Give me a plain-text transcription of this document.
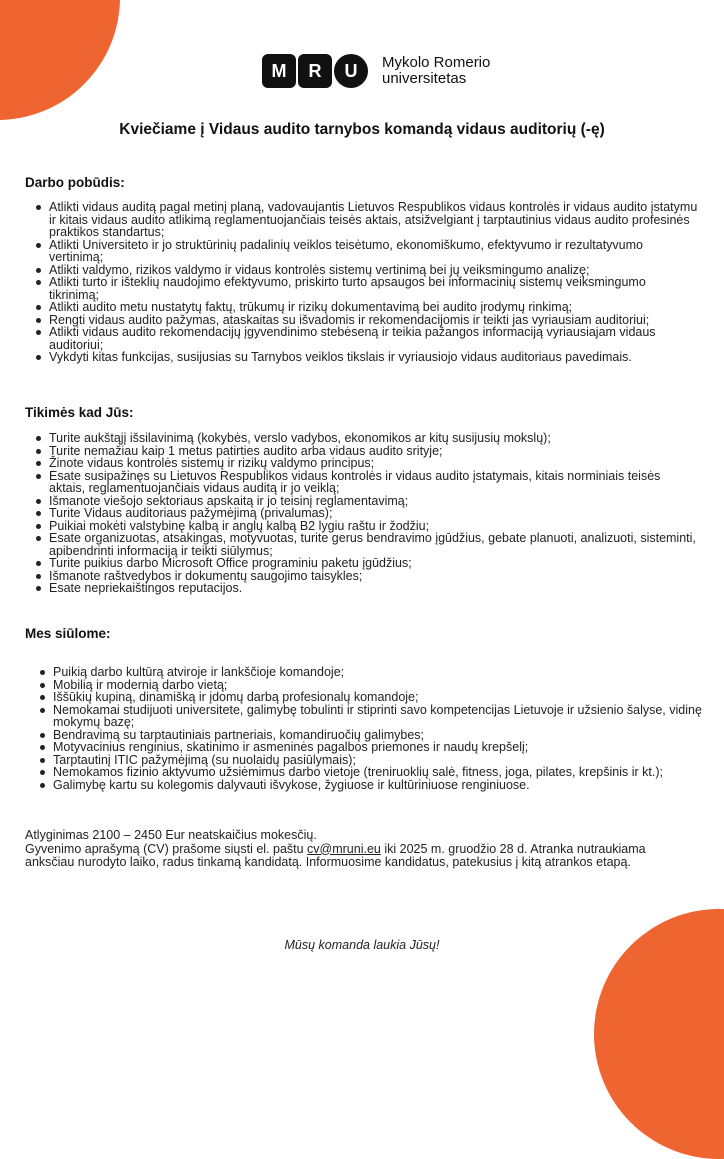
M	R	U	Mykolo Romerio
universitetas
Kviečiame į Vidaus audito tarnybos komandą vidaus auditorių (-ę)
Darbo pobūdis:
Atlikti vidaus auditą pagal metinį planą, vadovaujantis Lietuvos Respublikos vidaus kontrolės ir vidaus audito įstatymu ir kitais vidaus audito atlikimą reglamentuojančiais teisės aktais, atsižvelgiant į tarptautinius vidaus audito profesinės praktikos standartus;
Atlikti Universiteto ir jo struktūrinių padalinių veiklos teisėtumo, ekonomiškumo, efektyvumo ir rezultatyvumo vertinimą;
Atlikti valdymo, rizikos valdymo ir vidaus kontrolės sistemų vertinimą bei jų veiksmingumo analizę;
Atlikti turto ir išteklių naudojimo efektyvumo, priskirto turto apsaugos bei informacinių sistemų veiksmingumo tikrinimą;
Atlikti audito metu nustatytų faktų, trūkumų ir rizikų dokumentavimą bei audito įrodymų rinkimą;
Rengti vidaus audito pažymas, ataskaitas su išvadomis ir rekomendacijomis ir teikti jas vyriausiam auditoriui;
Atlikti vidaus audito rekomendacijų įgyvendinimo stebėseną ir teikia pažangos informaciją vyriausiajam vidaus auditoriui;
Vykdyti kitas funkcijas, susijusias su Tarnybos veiklos tikslais ir vyriausiojo vidaus auditoriaus pavedimais.
Tikimės kad Jūs:
Turite aukštąjį išsilavinimą (kokybės, verslo vadybos, ekonomikos ar kitų susijusių mokslų);
Turite nemažiau kaip 1 metus patirties audito arba vidaus audito srityje;
Žinote vidaus kontrolės sistemų ir rizikų valdymo principus;
Esate susipažinęs su Lietuvos Respublikos vidaus kontrolės ir vidaus audito įstatymais, kitais norminiais teisės aktais, reglamentuojančiais vidaus auditą ir jo veiklą;
Išmanote viešojo sektoriaus apskaitą ir jo teisinį reglamentavimą;
Turite Vidaus auditoriaus pažymėjimą (privalumas);
Puikiai mokėti valstybinę kalbą ir anglų kalbą B2 lygiu raštu ir žodžiu;
Esate organizuotas, atsakingas, motyvuotas, turite gerus bendravimo įgūdžius, gebate planuoti, analizuoti, sisteminti, apibendrinti informaciją ir teikti siūlymus;
Turite puikius darbo Microsoft Office programiniu paketu įgūdžius;
Išmanote raštvedybos ir dokumentų saugojimo taisykles;
Esate nepriekaištingos reputacijos.
Mes siūlome:
Puikią darbo kultūrą atviroje ir lankščioje komandoje;
Mobilią ir modernią darbo vietą;
Iššūkių kupiną, dinamišką ir įdomų darbą profesionalų komandoje;
Nemokamai studijuoti universitete, galimybę tobulinti ir stiprinti savo kompetencijas Lietuvoje ir užsienio šalyse, vidinę mokymų bazę;
Bendravimą su tarptautiniais partneriais, komandiruočių galimybes;
Motyvacinius renginius, skatinimo ir asmeninės pagalbos priemones ir naudų krepšelį;
Tarptautinį ITIC pažymėjimą (su nuolaidų pasiūlymais);
Nemokamos fizinio aktyvumo užsiėmimus darbo vietoje (treniruoklių salė, fitness, joga, pilates, krepšinis ir kt.);
Galimybę kartu su kolegomis dalyvauti išvykose, žygiuose ir kultūriniuose renginiuose.

Atlyginimas 2100 – 2450 Eur neatskaičius mokesčių.

Gyvenimo aprašymą (CV) prašome siųsti el. paštu cv@mruni.eu iki 2025 m. gruodžio 28 d. Atranka nutraukiama anksčiau nurodyto laiko, radus tinkamą kandidatą. Informuosime kandidatus, patekusius į kitą atrankos etapą.

Mūsų komanda laukia Jūsų!
